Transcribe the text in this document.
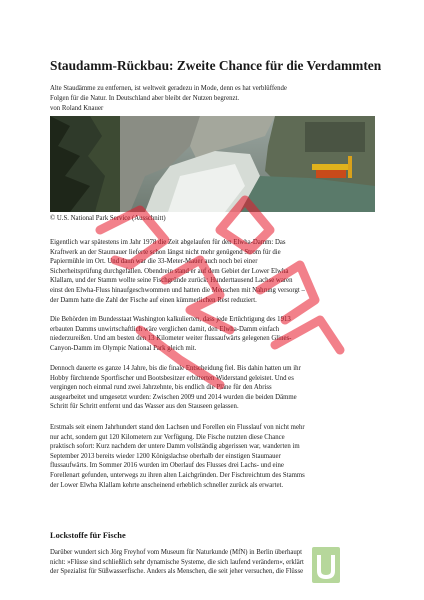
Staudamm-Rückbau: Zweite Chance für die Verdammten
Alte Staudämme zu entfernen, ist weltweit geradezu in Mode, denn es hat verblüffende
Folgen für die Natur. In Deutschland aber bleibt der Nutzen begrenzt.
von Roland Knauer
© U.S. National Park Service (Ausschnitt)
Eigentlich war spätestens im Jahr 1978 die Zeit abgelaufen für den Elwha-Damm: Das
Kraftwerk an der Staumauer lieferte schon längst nicht mehr genügend Strom für die
Papiermühle im Ort. Und dann war die 33-Meter-Mauer auch noch bei einer
Sicherheitsprüfung durchgefallen. Obendrein stand er auf dem Gebiet der Lower Elwha
Klallam, und der Stamm wollte seine Fischgründe zurück: Hunderttausend Lachse waren
einst den Elwha-Fluss hinaufgeschwommen und hatten die Menschen mit Nahrung versorgt –
der Damm hatte die Zahl der Fische auf einen kümmerlichen Rest reduziert.
Die Behörden im Bundesstaat Washington kalkulierten, dass jede Ertüchtigung des 1913
erbauten Damms unwirtschaftlich wäre verglichen damit, den Elwha-Damm einfach
niederzureißen. Und am besten den 13 Kilometer weiter flussaufwärts gelegenen Glines-
Canyon-Damm im Olympic National Park gleich mit.
Dennoch dauerte es ganze 14 Jahre, bis die finale Entscheidung fiel. Bis dahin hatten um ihr
Hobby fürchtende Sportfischer und Bootsbesitzer erbitterten Widerstand geleistet. Und es
vergingen noch einmal rund zwei Jahrzehnte, bis endlich die Pläne für den Abriss
ausgearbeitet und umgesetzt wurden: Zwischen 2009 und 2014 wurden die beiden Dämme
Schritt für Schritt entfernt und das Wasser aus den Stauseen gelassen.
Erstmals seit einem Jahrhundert stand den Lachsen und Forellen ein Flusslauf von nicht mehr
nur acht, sondern gut 120 Kilometern zur Verfügung. Die Fische nutzten diese Chance
praktisch sofort: Kurz nachdem der untere Damm vollständig abgerissen war, wanderten im
September 2013 bereits wieder 1200 Königslachse oberhalb der einstigen Staumauer
flussaufwärts. Im Sommer 2016 wurden im Oberlauf des Flusses drei Lachs- und eine
Forellenart gefunden, unterwegs zu ihren alten Laichgründen. Der Fischreichtum des Stamms
der Lower Elwha Klallam kehrte anscheinend erheblich schneller zurück als erwartet.
Lockstoffe für Fische
Darüber wundert sich Jörg Freyhof vom Museum für Naturkunde (MfN) in Berlin überhaupt
nicht: »Flüsse sind schließlich sehr dynamische Systeme, die sich laufend verändern«, erklärt
der Spezialist für Süßwasserfische. Anders als Menschen, die seit jeher versuchen, die Flüsse
